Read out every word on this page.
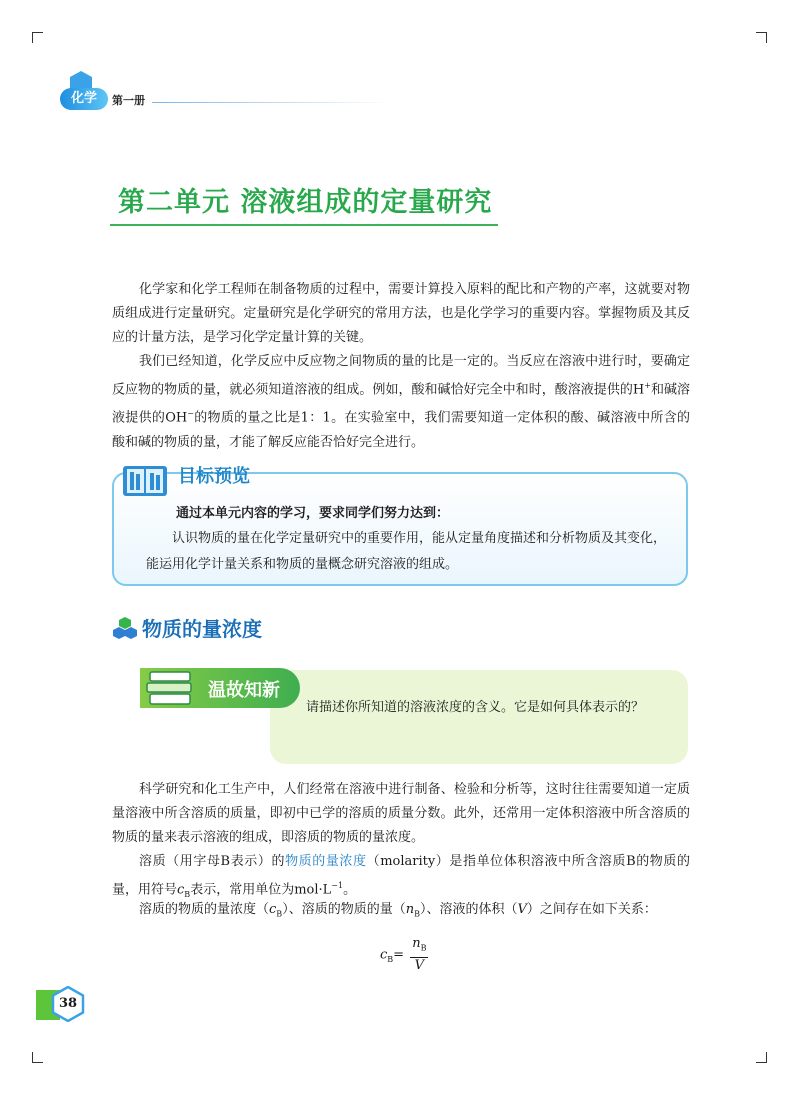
化学	第一册
第二单元 溶液组成的定量研究

化学家和化学工程师在制备物质的过程中，需要计算投入原料的配比和产物的产率，这就要对物质组成进行定量研究。定量研究是化学研究的常用方法，也是化学学习的重要内容。掌握物质及其反应的计量方法，是学习化学定量计算的关键。

我们已经知道，化学反应中反应物之间物质的量的比是一定的。当反应在溶液中进行时，要确定反应物的物质的量，就必须知道溶液的组成。例如，酸和碱恰好完全中和时，酸溶液提供的H+和碱溶液提供的OH−的物质的量之比是1：1。在实验室中，我们需要知道一定体积的酸、碱溶液中所含的酸和碱的物质的量，才能了解反应能否恰好完全进行。

目标预览
通过本单元内容的学习，要求同学们努力达到：

认识物质的量在化学定量研究中的重要作用，能从定量角度描述和分析物质及其变化，能运用化学计量关系和物质的量概念研究溶液的组成。

物质的量浓度
温故知新

请描述你所知道的溶液浓度的含义。它是如何具体表示的？

科学研究和化工生产中，人们经常在溶液中进行制备、检验和分析等，这时往往需要知道一定质量溶液中所含溶质的质量，即初中已学的溶质的质量分数。此外，还常用一定体积溶液中所含溶质的物质的量来表示溶液的组成，即溶质的物质的量浓度。

溶质（用字母B表示）的物质的量浓度（molarity）是指单位体积溶液中所含溶质B的物质的量，用符号$c_B$表示，常用单位为$mol\cdot L^{-1}$。

溶质的物质的量浓度$(c_B)$、溶质的物质的量$(n_B)$、溶液的体积（V）之间存在如下关系：

$c_B= \frac{n_B}{V}$
38
